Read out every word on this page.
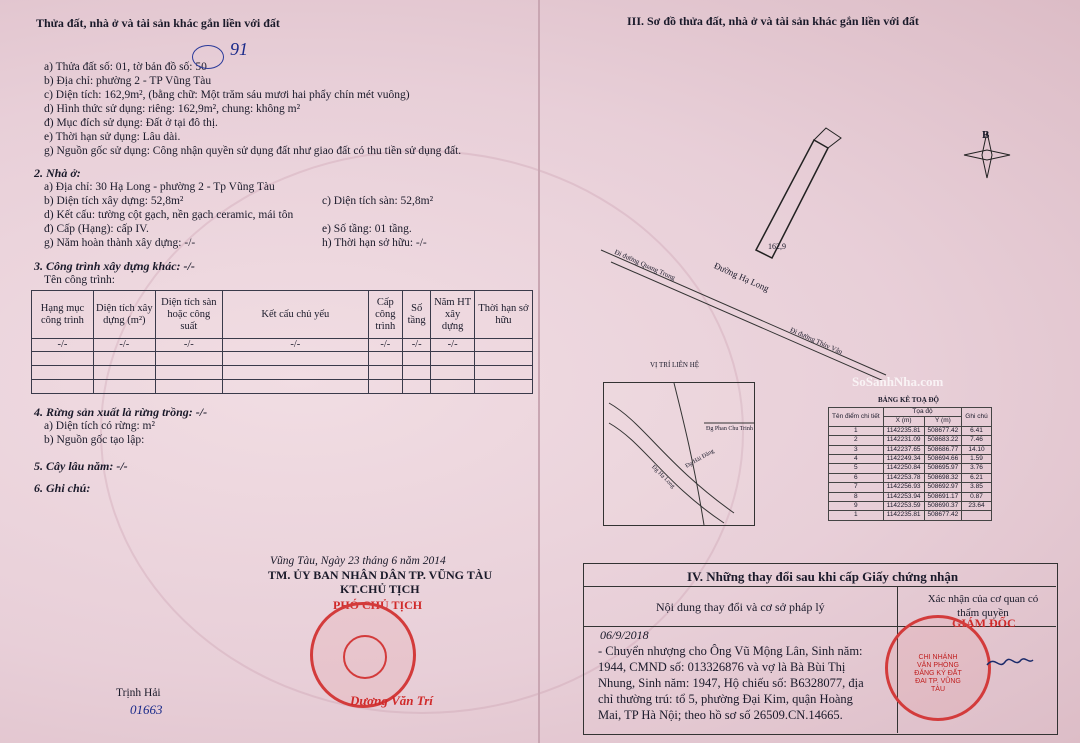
Thửa đất, nhà ở và tài sản khác gắn liền với đất
a) Thửa đất số: 01, tờ bản đồ số: 50
b) Địa chỉ: phường 2 - TP Vũng Tàu
c) Diện tích: 162,9m², (bằng chữ: Một trăm sáu mươi hai phẩy chín mét vuông)
d) Hình thức sử dụng: riêng: 162,9m², chung: không m²
đ) Mục đích sử dụng: Đất ở tại đô thị.
e) Thời hạn sử dụng: Lâu dài.
g) Nguồn gốc sử dụng: Công nhận quyền sử dụng đất như giao đất có thu tiền sử dụng đất.
91
2. Nhà ở:
a) Địa chỉ: 30 Hạ Long - phường 2 - Tp Vũng Tàu
b) Diện tích xây dựng: 52,8m²	c) Diện tích sàn: 52,8m²
d) Kết cấu: tường cột gạch, nền gạch ceramic, mái tôn
đ) Cấp (Hạng): cấp IV.	e) Số tầng: 01 tầng.
g) Năm hoàn thành xây dựng: -/-	h) Thời hạn sở hữu: -/-
3. Công trình xây dựng khác: -/-
Tên công trình:
Hạng mục công trình	Diện tích xây dựng (m²)	Diện tích sàn hoặc công suất	Kết cấu chủ yếu	Cấp công trình	Số tầng	Năm HT xây dựng	Thời hạn sở hữu
-/-	-/-	-/-	-/-	-/-	-/-	-/-	

4. Rừng sản xuất là rừng trồng: -/-
a) Diện tích có rừng: m²
b) Nguồn gốc tạo lập:
5. Cây lâu năm: -/-
6. Ghi chú:
Vũng Tàu, Ngày 23 tháng 6 năm 2014
TM. ỦY BAN NHÂN DÂN TP. VŨNG TÀU
KT.CHỦ TỊCH
PHÓ CHỦ TỊCH
Dương Văn Trí
Trịnh Hải
01663
III. Sơ đồ thửa đất, nhà ở và tài sản khác gắn liền với đất
162,9
Đường Hạ Long
Đi đường Quang Trung
Đi đường Thùy Vân
B
VỊ TRÍ LIÊN HỆ
Đg Phan Chu Trinh
Đg Hải Đăng
Đg Hạ Long
BẢNG KÊ TOẠ ĐỘ
Tên điểm chi tiết	Tọa độ		Ghi chú
	X (m)	Y (m)	
1	1142235.81	508677.42	6.41
2	1142231.09	508683.22	7.46
3	1142237.65	508686.77	14.10
4	1142249.34	508694.66	1.59
5	1142250.84	508695.97	3.76
6	1142253.78	508698.32	6.21
7	1142256.93	508692.97	3.85
8	1142253.94	508691.17	0.87
9	1142253.59	508690.37	23.64
1	1142235.81	508677.42	
SoSanhNha.com
IV. Những thay đổi sau khi cấp Giấy chứng nhận
Nội dung thay đổi và cơ sở pháp lý
Xác nhận của cơ quan có thẩm quyền
06/9/2018
- Chuyển nhượng cho Ông Vũ Mộng Lân, Sinh năm:
1944, CMND số: 013326876 và vợ là Bà Bùi Thị
Nhung, Sinh năm: 1947, Hộ chiếu số: B6328077, địa
chỉ thường trú: tổ 5, phường Đại Kim, quận Hoàng
Mai, TP Hà Nội; theo hồ sơ số 26509.CN.14665.
GIÁM ĐỐC
CHI NHÁNH VĂN PHÒNG ĐĂNG KÝ ĐẤT ĐAI TP. VŨNG TÀU
